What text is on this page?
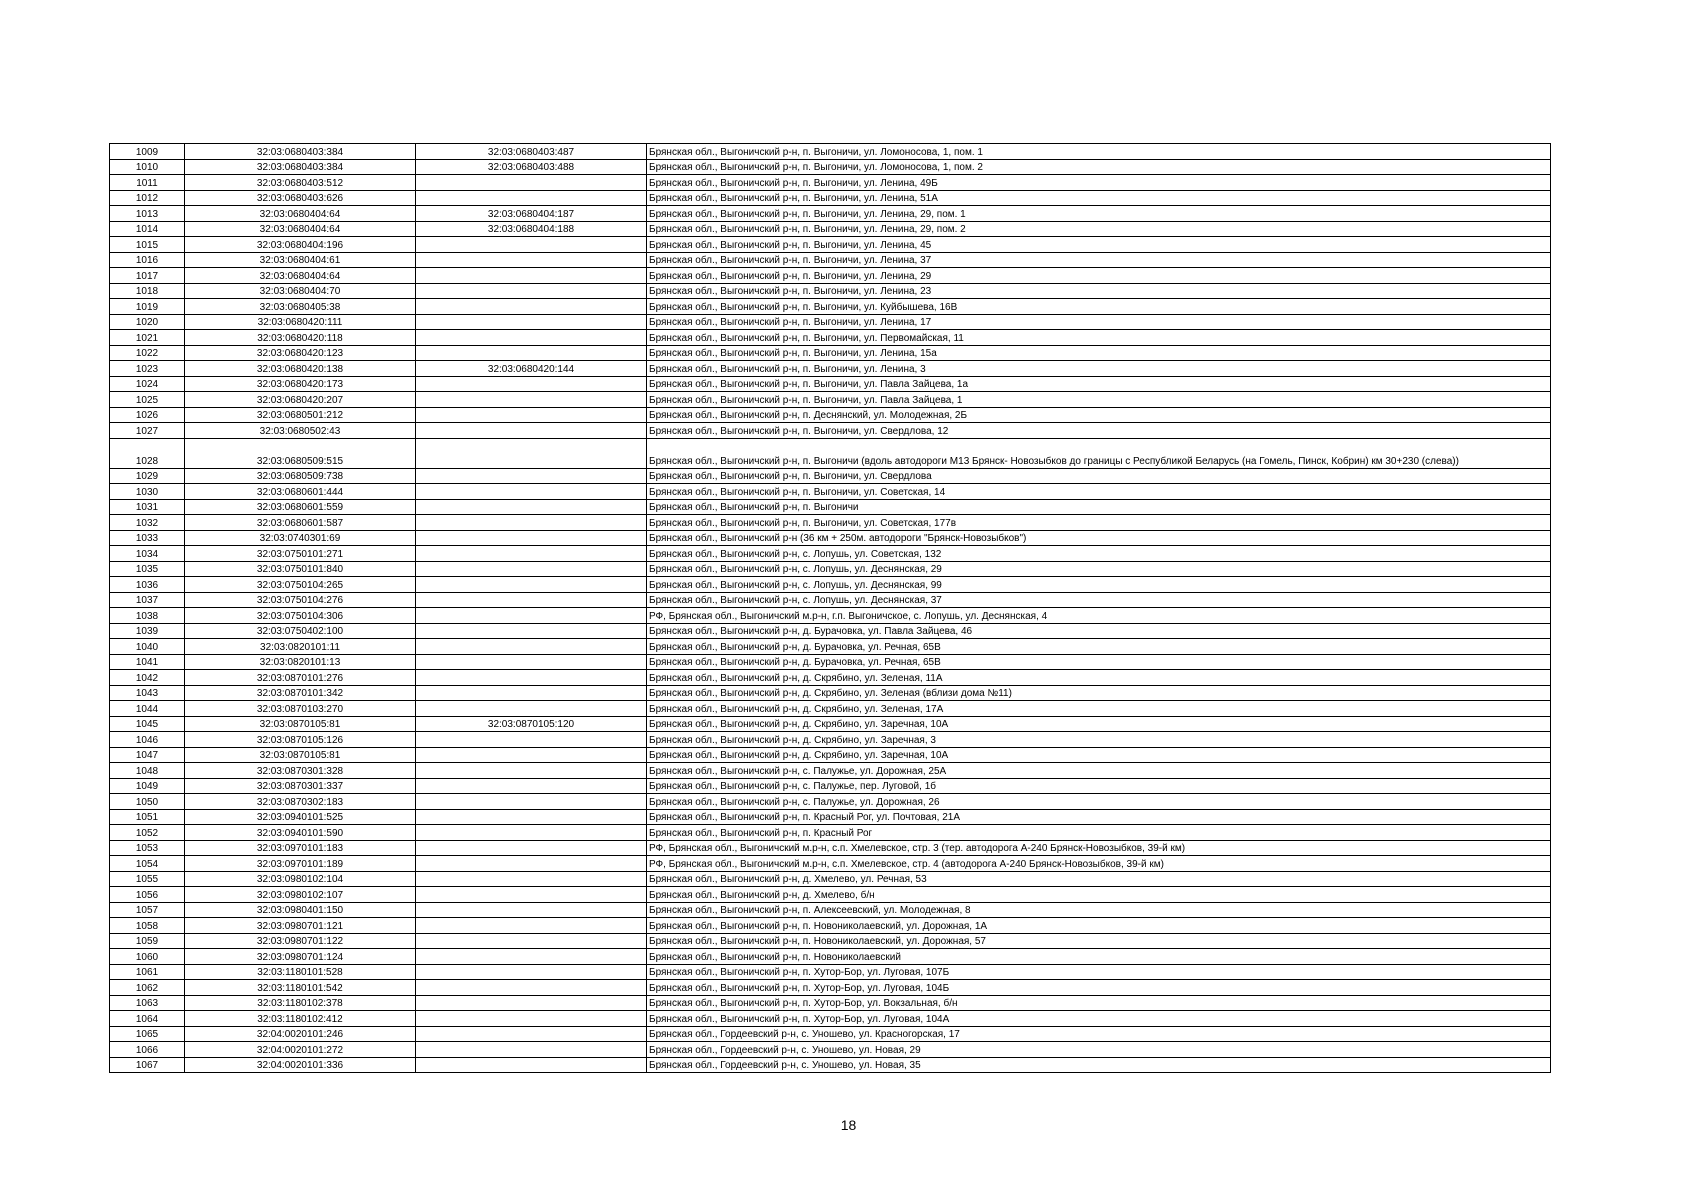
1009	32:03:0680403:384	32:03:0680403:487	Брянская обл., Выгоничский р-н, п. Выгоничи, ул. Ломоносова, 1, пом. 1
1010	32:03:0680403:384	32:03:0680403:488	Брянская обл., Выгоничский р-н, п. Выгоничи, ул. Ломоносова, 1, пом. 2
1011	32:03:0680403:512		Брянская обл., Выгоничский р-н, п. Выгоничи, ул. Ленина, 49Б
1012	32:03:0680403:626		Брянская обл., Выгоничский р-н, п. Выгоничи, ул. Ленина, 51А
1013	32:03:0680404:64	32:03:0680404:187	Брянская обл., Выгоничский р-н, п. Выгоничи, ул. Ленина, 29, пом. 1
1014	32:03:0680404:64	32:03:0680404:188	Брянская обл., Выгоничский р-н, п. Выгоничи, ул. Ленина, 29, пом. 2
1015	32:03:0680404:196		Брянская обл., Выгоничский р-н, п. Выгоничи, ул. Ленина, 45
1016	32:03:0680404:61		Брянская обл., Выгоничский р-н, п. Выгоничи, ул. Ленина, 37
1017	32:03:0680404:64		Брянская обл., Выгоничский р-н, п. Выгоничи, ул. Ленина, 29
1018	32:03:0680404:70		Брянская обл., Выгоничский р-н, п. Выгоничи, ул. Ленина, 23
1019	32:03:0680405:38		Брянская обл., Выгоничский р-н, п. Выгоничи, ул. Куйбышева, 16В
1020	32:03:0680420:111		Брянская обл., Выгоничский р-н, п. Выгоничи, ул. Ленина, 17
1021	32:03:0680420:118		Брянская обл., Выгоничский р-н, п. Выгоничи, ул. Первомайская, 11
1022	32:03:0680420:123		Брянская обл., Выгоничский р-н, п. Выгоничи, ул. Ленина, 15а
1023	32:03:0680420:138	32:03:0680420:144	Брянская обл., Выгоничский р-н, п. Выгоничи, ул. Ленина, 3
1024	32:03:0680420:173		Брянская обл., Выгоничский р-н, п. Выгоничи, ул. Павла Зайцева, 1а
1025	32:03:0680420:207		Брянская обл., Выгоничский р-н, п. Выгоничи, ул. Павла Зайцева, 1
1026	32:03:0680501:212		Брянская обл., Выгоничский р-н, п. Деснянский, ул. Молодежная, 2Б
1027	32:03:0680502:43		Брянская обл., Выгоничский р-н, п. Выгоничи, ул. Свердлова, 12
1028	32:03:0680509:515		Брянская обл., Выгоничский р-н, п. Выгоничи (вдоль автодороги М13 Брянск- Новозыбков до границы с Республикой Беларусь (на Гомель, Пинск, Кобрин) км 30+230 (слева))
1029	32:03:0680509:738		Брянская обл., Выгоничский р-н, п. Выгоничи, ул. Свердлова
1030	32:03:0680601:444		Брянская обл., Выгоничский р-н, п. Выгоничи, ул. Советская, 14
1031	32:03:0680601:559		Брянская обл., Выгоничский р-н, п. Выгоничи
1032	32:03:0680601:587		Брянская обл., Выгоничский р-н, п. Выгоничи, ул. Советская, 177в
1033	32:03:0740301:69		Брянская обл., Выгоничский р-н (36 км + 250м. автодороги "Брянск-Новозыбков")
1034	32:03:0750101:271		Брянская обл., Выгоничский р-н, с. Лопушь, ул. Советская, 132
1035	32:03:0750101:840		Брянская обл., Выгоничский р-н, с. Лопушь, ул. Деснянская, 29
1036	32:03:0750104:265		Брянская обл., Выгоничский р-н, с. Лопушь, ул. Деснянская, 99
1037	32:03:0750104:276		Брянская обл., Выгоничский р-н, с. Лопушь, ул. Деснянская, 37
1038	32:03:0750104:306		РФ, Брянская обл., Выгоничский м.р-н, г.п. Выгоничское, с. Лопушь, ул. Деснянская, 4
1039	32:03:0750402:100		Брянская обл., Выгоничский р-н, д. Бурачовка, ул. Павла Зайцева, 46
1040	32:03:0820101:11		Брянская обл., Выгоничский р-н, д. Бурачовка, ул. Речная, 65В
1041	32:03:0820101:13		Брянская обл., Выгоничский р-н, д. Бурачовка, ул. Речная, 65В
1042	32:03:0870101:276		Брянская обл., Выгоничский р-н, д. Скрябино, ул. Зеленая, 11А
1043	32:03:0870101:342		Брянская обл., Выгоничский р-н, д. Скрябино, ул. Зеленая (вблизи дома №11)
1044	32:03:0870103:270		Брянская обл., Выгоничский р-н, д. Скрябино, ул. Зеленая, 17А
1045	32:03:0870105:81	32:03:0870105:120	Брянская обл., Выгоничский р-н, д. Скрябино, ул. Заречная, 10А
1046	32:03:0870105:126		Брянская обл., Выгоничский р-н, д. Скрябино, ул. Заречная, 3
1047	32:03:0870105:81		Брянская обл., Выгоничский р-н, д. Скрябино, ул. Заречная, 10А
1048	32:03:0870301:328		Брянская обл., Выгоничский р-н, с. Палужье, ул. Дорожная, 25А
1049	32:03:0870301:337		Брянская обл., Выгоничский р-н, с. Палужье, пер. Луговой, 1б
1050	32:03:0870302:183		Брянская обл., Выгоничский р-н, с. Палужье, ул. Дорожная, 26
1051	32:03:0940101:525		Брянская обл., Выгоничский р-н, п. Красный Рог, ул. Почтовая, 21А
1052	32:03:0940101:590		Брянская обл., Выгоничский р-н, п. Красный Рог
1053	32:03:0970101:183		РФ, Брянская обл., Выгоничский м.р-н, с.п. Хмелевское, стр. 3 (тер. автодорога А-240 Брянск-Новозыбков, 39-й км)
1054	32:03:0970101:189		РФ, Брянская обл., Выгоничский м.р-н, с.п. Хмелевское, стр. 4 (автодорога А-240 Брянск-Новозыбков, 39-й км)
1055	32:03:0980102:104		Брянская обл., Выгоничский р-н, д. Хмелево, ул. Речная, 53
1056	32:03:0980102:107		Брянская обл., Выгоничский р-н, д. Хмелево, б/н
1057	32:03:0980401:150		Брянская обл., Выгоничский р-н, п. Алексеевский, ул. Молодежная, 8
1058	32:03:0980701:121		Брянская обл., Выгоничский р-н, п. Новониколаевский, ул. Дорожная, 1А
1059	32:03:0980701:122		Брянская обл., Выгоничский р-н, п. Новониколаевский, ул. Дорожная, 57
1060	32:03:0980701:124		Брянская обл., Выгоничский р-н, п. Новониколаевский
1061	32:03:1180101:528		Брянская обл., Выгоничский р-н, п. Хутор-Бор, ул. Луговая, 107Б
1062	32:03:1180101:542		Брянская обл., Выгоничский р-н, п. Хутор-Бор, ул. Луговая, 104Б
1063	32:03:1180102:378		Брянская обл., Выгоничский р-н, п. Хутор-Бор, ул. Вокзальная, б/н
1064	32:03:1180102:412		Брянская обл., Выгоничский р-н, п. Хутор-Бор, ул. Луговая, 104А
1065	32:04:0020101:246		Брянская обл., Гордеевский р-н, с. Уношево, ул. Красногорская, 17
1066	32:04:0020101:272		Брянская обл., Гордеевский р-н, с. Уношево, ул. Новая, 29
1067	32:04:0020101:336		Брянская обл., Гордеевский р-н, с. Уношево, ул. Новая, 35
18
